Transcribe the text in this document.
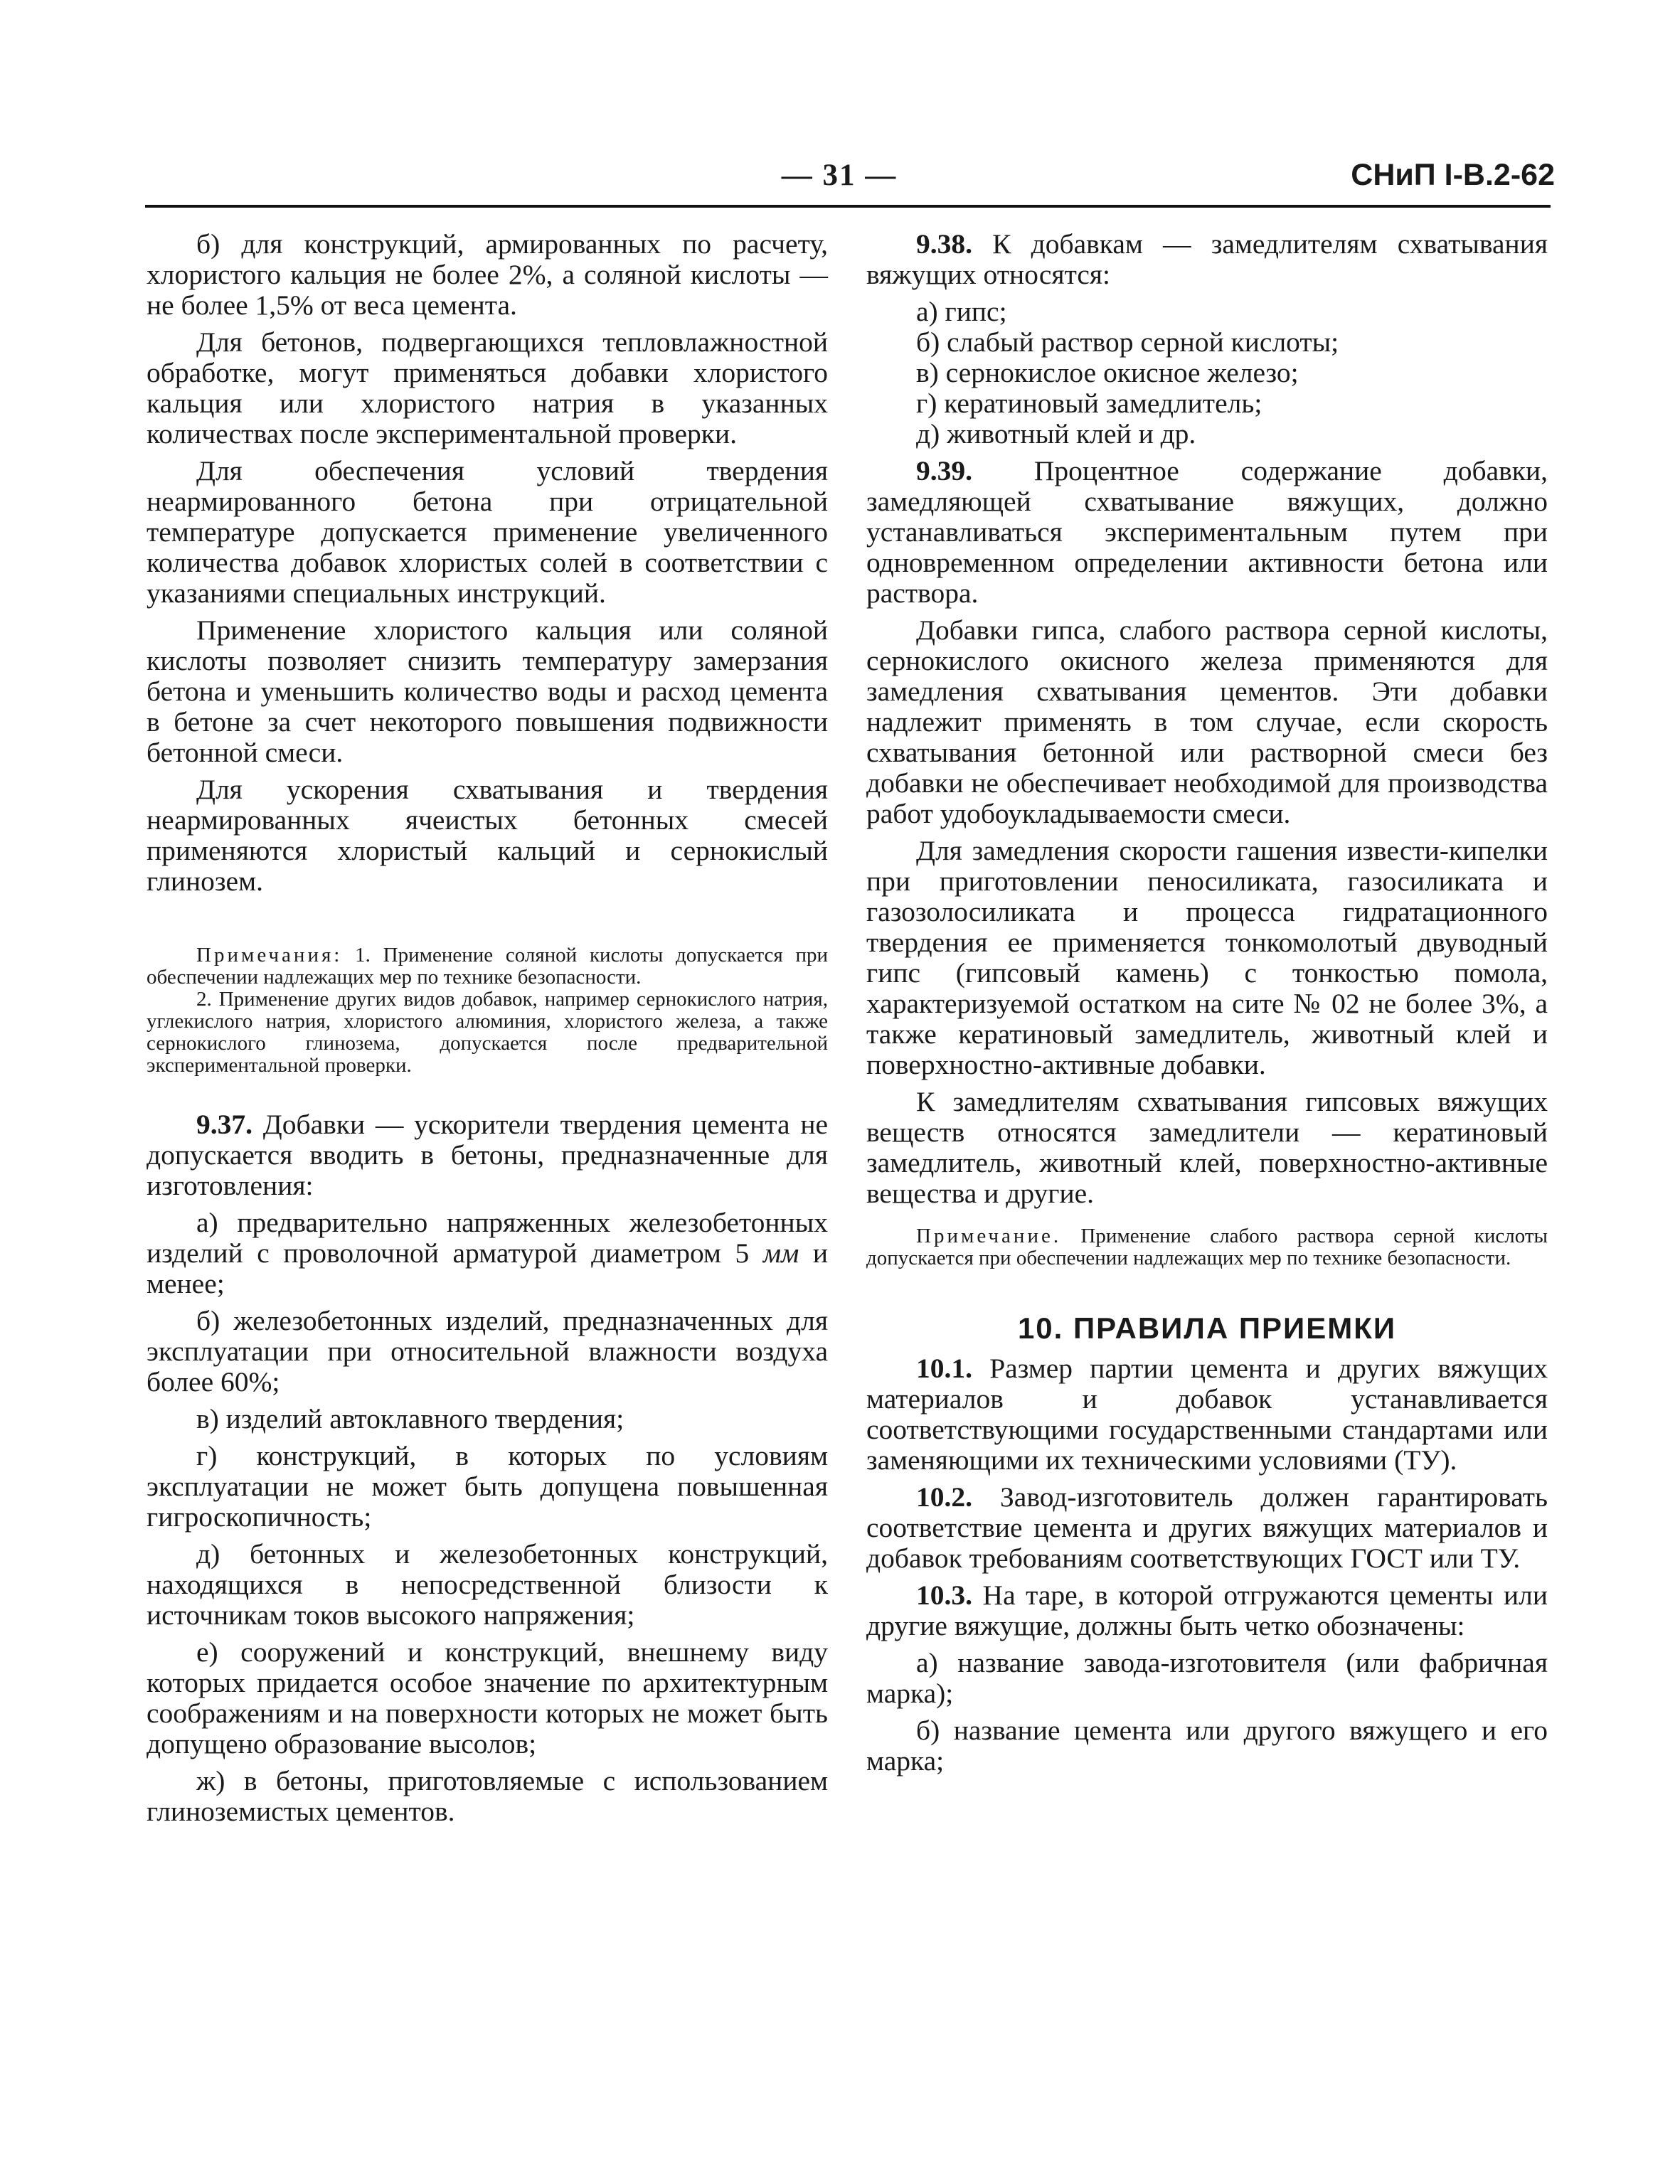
— 31 —	СНиП I-В.2-62

б) для конструкций, армированных по расчету, хлористого кальция не более 2%, а соляной кислоты — не более 1,5% от веса цемента.

Для бетонов, подвергающихся тепловлажностной обработке, могут применяться добавки хлористого кальция или хлористого натрия в указанных количествах после экспериментальной проверки.

Для обеспечения условий твердения неармированного бетона при отрицательной температуре допускается применение увеличенного количества добавок хлористых солей в соответствии с указаниями специальных инструкций.

Применение хлористого кальция или соляной кислоты позволяет снизить температуру замерзания бетона и уменьшить количество воды и расход цемента в бетоне за счет некоторого повышения подвижности бетонной смеси.

Для ускорения схватывания и твердения неармированных ячеистых бетонных смесей применяются хлористый кальций и сернокислый глинозем.

Примечания: 1. Применение соляной кислоты допускается при обеспечении надлежащих мер по технике безопасности.

2. Применение других видов добавок, например сернокислого натрия, углекислого натрия, хлористого алюминия, хлористого железа, а также сернокислого глинозема, допускается после предварительной экспериментальной проверки.

9.37. Добавки — ускорители твердения цемента не допускается вводить в бетоны, предназначенные для изготовления:

а) предварительно напряженных железобетонных изделий с проволочной арматурой диаметром 5 мм и менее;

б) железобетонных изделий, предназначенных для эксплуатации при относительной влажности воздуха более 60%;

в) изделий автоклавного твердения;

г) конструкций, в которых по условиям эксплуатации не может быть допущена повышенная гигроскопичность;

д) бетонных и железобетонных конструкций, находящихся в непосредственной близости к источникам токов высокого напряжения;

е) сооружений и конструкций, внешнему виду которых придается особое значение по архитектурным соображениям и на поверхности которых не может быть допущено образование высолов;

ж) в бетоны, приготовляемые с использованием глиноземистых цементов.

9.38. К добавкам — замедлителям схватывания вяжущих относятся:

а) гипс;

б) слабый раствор серной кислоты;

в) сернокислое окисное железо;

г) кератиновый замедлитель;

д) животный клей и др.

9.39. Процентное содержание добавки, замедляющей схватывание вяжущих, должно устанавливаться экспериментальным путем при одновременном определении активности бетона или раствора.

Добавки гипса, слабого раствора серной кислоты, сернокислого окисного железа применяются для замедления схватывания цементов. Эти добавки надлежит применять в том случае, если скорость схватывания бетонной или растворной смеси без добавки не обеспечивает необходимой для производства работ удобоукладываемости смеси.

Для замедления скорости гашения извести-кипелки при приготовлении пеносиликата, газосиликата и газозолосиликата и процесса гидратационного твердения ее применяется тонкомолотый двуводный гипс (гипсовый камень) с тонкостью помола, характеризуемой остатком на сите № 02 не более 3%, а также кератиновый замедлитель, животный клей и поверхностно-активные добавки.

К замедлителям схватывания гипсовых вяжущих веществ относятся замедлители — кератиновый замедлитель, животный клей, поверхностно-активные вещества и другие.

Примечание. Применение слабого раствора серной кислоты допускается при обеспечении надлежащих мер по технике безопасности.

10. ПРАВИЛА ПРИЕМКИ

10.1. Размер партии цемента и других вяжущих материалов и добавок устанавливается соответствующими государственными стандартами или заменяющими их техническими условиями (ТУ).

10.2. Завод-изготовитель должен гарантировать соответствие цемента и других вяжущих материалов и добавок требованиям соответствующих ГОСТ или ТУ.

10.3. На таре, в которой отгружаются цементы или другие вяжущие, должны быть четко обозначены:

а) название завода-изготовителя (или фабричная марка);

б) название цемента или другого вяжущего и его марка;
